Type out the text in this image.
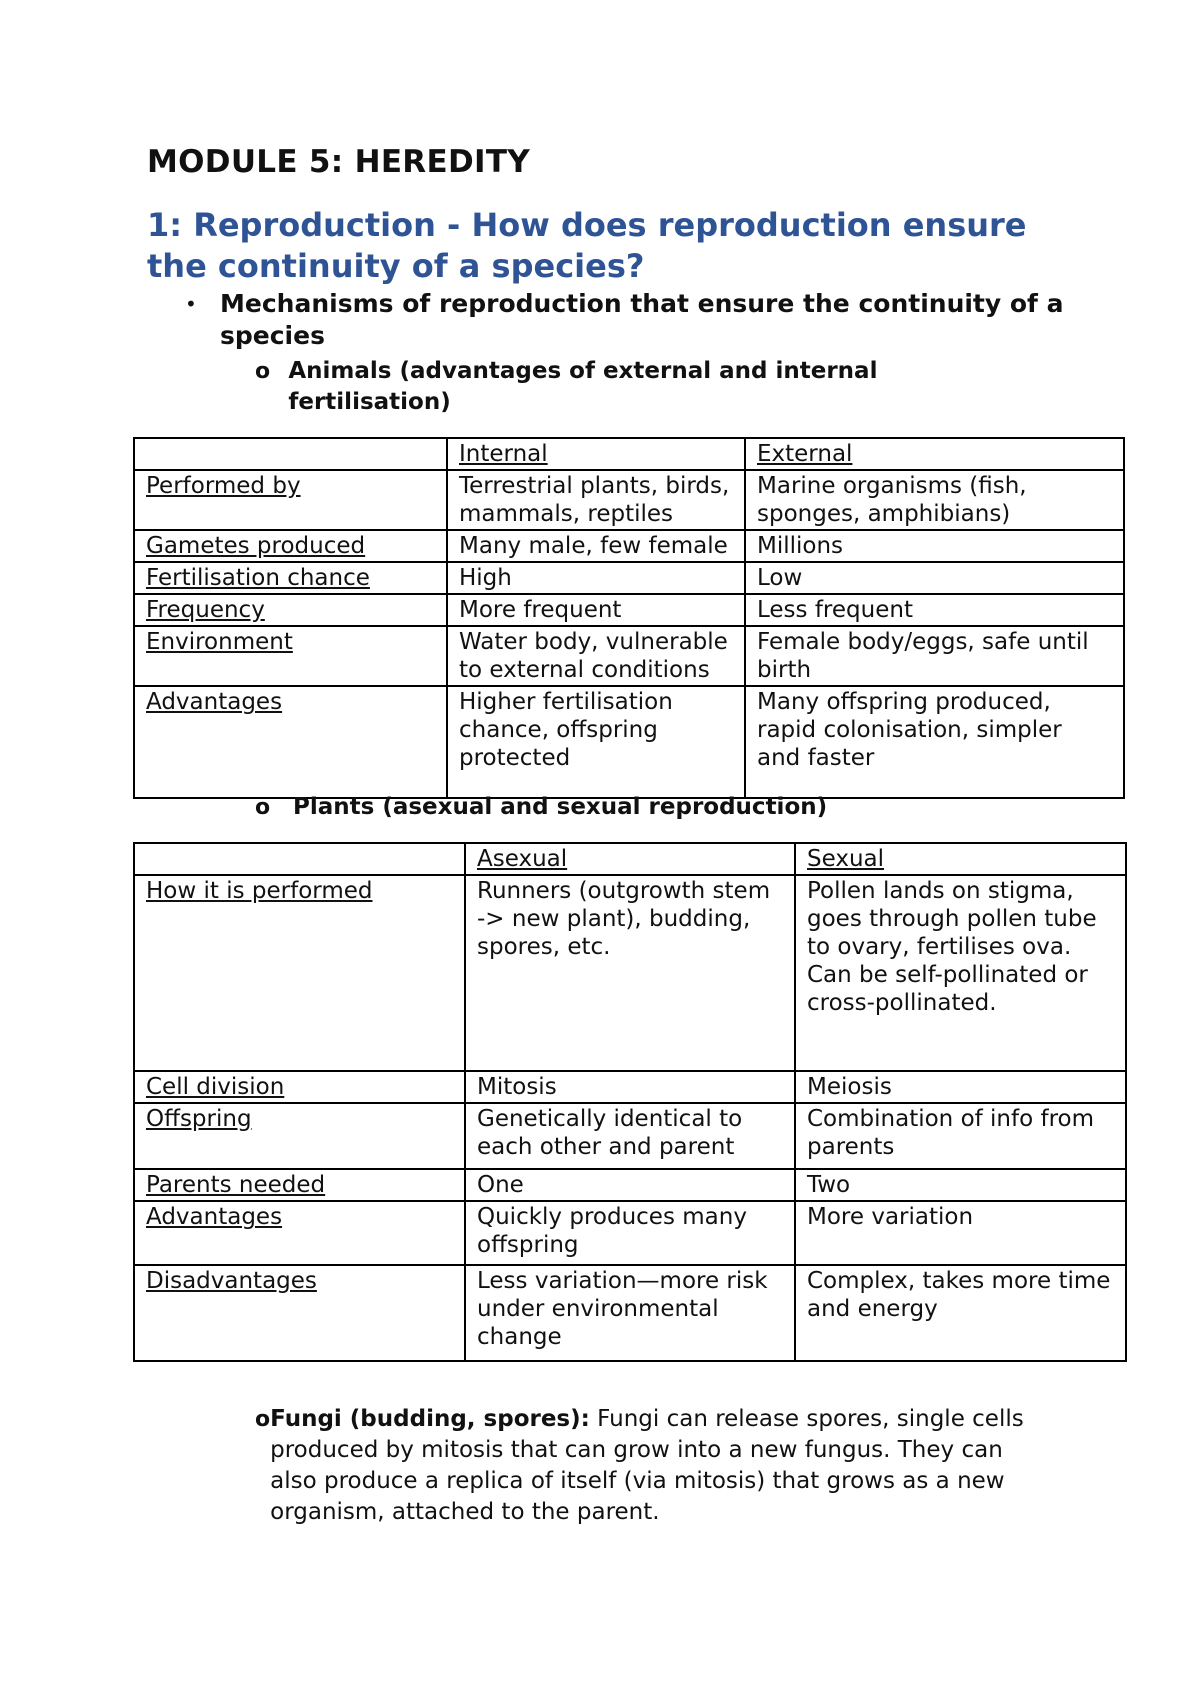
MODULE 5: HEREDITY
1: Reproduction - How does reproduction ensure the continuity of a species?
• Mechanisms of reproduction that ensure the continuity of a species
o Animals (advantages of external and internal fertilisation)
	Internal	External
Performed by	Terrestrial plants, birds, mammals, reptiles	Marine organisms (fish, sponges, amphibians)
Gametes produced	Many male, few female	Millions
Fertilisation chance	High	Low
Frequency	More frequent	Less frequent
Environment	Water body, vulnerable to external conditions	Female body/eggs, safe until birth
Advantages	Higher fertilisation chance, offspring protected	Many offspring produced, rapid colonisation, simpler and faster
o Plants (asexual and sexual reproduction)
	Asexual	Sexual
How it is performed	Runners (outgrowth stem -> new plant), budding, spores, etc.	Pollen lands on stigma, goes through pollen tube to ovary, fertilises ova. Can be self-pollinated or cross-pollinated.
Cell division	Mitosis	Meiosis
Offspring	Genetically identical to each other and parent	Combination of info from parents
Parents needed	One	Two
Advantages	Quickly produces many offspring	More variation
Disadvantages	Less variation—more risk under environmental change	Complex, takes more time and energy
o Fungi (budding, spores): Fungi can release spores, single cells produced by mitosis that can grow into a new fungus. They can also produce a replica of itself (via mitosis) that grows as a new organism, attached to the parent.
